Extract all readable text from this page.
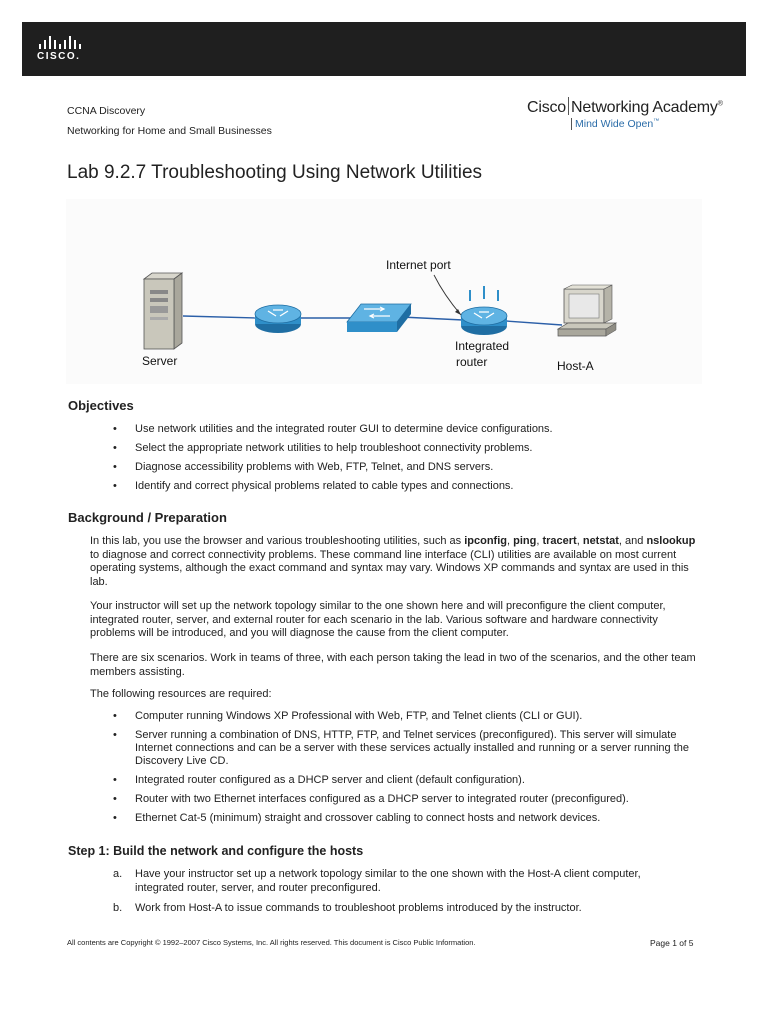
CISCO.
CCNA Discovery
Networking for Home and Small Businesses
Cisco Networking Academy®
Mind Wide Open™
Lab 9.2.7 Troubleshooting Using Network Utilities
Server
Internet port
Integrated
router	Host-A
Objectives
• Use network utilities and the integrated router GUI to determine device configurations.
• Select the appropriate network utilities to help troubleshoot connectivity problems.
• Diagnose accessibility problems with Web, FTP, Telnet, and DNS servers.
• Identify and correct physical problems related to cable types and connections.
Background / Preparation

In this lab, you use the browser and various troubleshooting utilities, such as ipconfig, ping, tracert, netstat, and nslookup to diagnose and correct connectivity problems. These command line interface (CLI) utilities are available on most current operating systems, although the exact command and syntax may vary. Windows XP commands and syntax are used in this lab.

Your instructor will set up the network topology similar to the one shown here and will preconfigure the client computer, integrated router, server, and external router for each scenario in the lab. Various software and hardware connectivity problems will be introduced, and you will diagnose the cause from the client computer.

There are six scenarios. Work in teams of three, with each person taking the lead in two of the scenarios, and the other team members assisting.

The following resources are required:

• Computer running Windows XP Professional with Web, FTP, and Telnet clients (CLI or GUI).
• Server running a combination of DNS, HTTP, FTP, and Telnet services (preconfigured). This server will simulate Internet connections and can be a server with these services actually installed and running or a server running the Discovery Live CD.
• Integrated router configured as a DHCP server and client (default configuration).
• Router with two Ethernet interfaces configured as a DHCP server to integrated router (preconfigured).
• Ethernet Cat-5 (minimum) straight and crossover cabling to connect hosts and network devices.
Step 1: Build the network and configure the hosts
a. Have your instructor set up a network topology similar to the one shown with the Host-A client computer, integrated router, server, and router preconfigured.
b. Work from Host-A to issue commands to troubleshoot problems introduced by the instructor.
All contents are Copyright © 1992–2007 Cisco Systems, Inc. All rights reserved. This document is Cisco Public Information.	Page 1 of 5
